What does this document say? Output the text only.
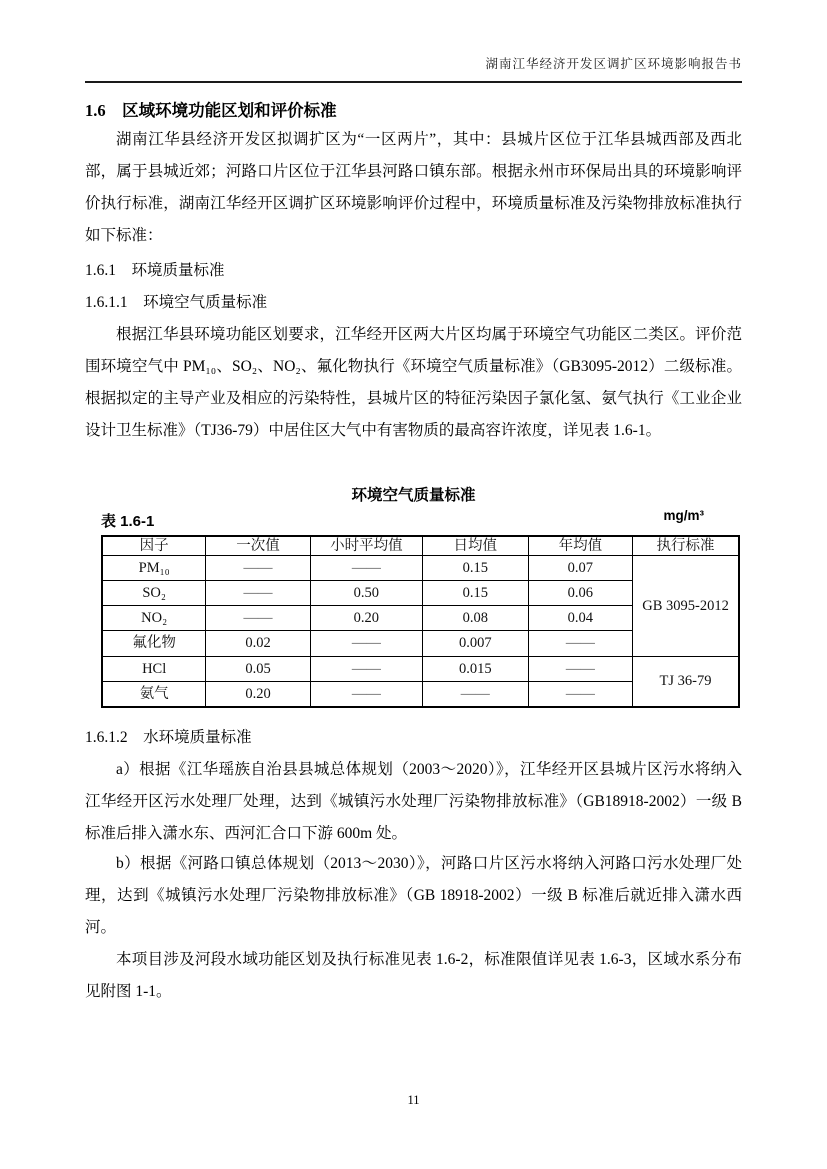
湖南江华经济开发区调扩区环境影响报告书
1.6　区域环境功能区划和评价标准
湖南江华县经济开发区拟调扩区为“一区两片”，其中：县城片区位于江华县城西部及西北部，属于县城近郊；河路口片区位于江华县河路口镇东部。根据永州市环保局出具的环境影响评价执行标准，湖南江华经开区调扩区环境影响评价过程中，环境质量标准及污染物排放标准执行如下标准：
1.6.1　环境质量标准
1.6.1.1　环境空气质量标准
根据江华县环境功能区划要求，江华经开区两大片区均属于环境空气功能区二类区。评价范围环境空气中 PM₁₀、SO₂、NO₂、氟化物执行《环境空气质量标准》（GB3095-2012）二级标准。根据拟定的主导产业及相应的污染特性，县城片区的特征污染因子氯化氢、氨气执行《工业企业设计卫生标准》（TJ36-79）中居住区大气中有害物质的最高容许浓度，详见表 1.6-1。
环境空气质量标准
表 1.6-1	mg/m³
因子	一次值	小时平均值	日均值	年均值	执行标准
PM₁₀	——	——	0.15	0.07	GB 3095-2012
SO₂	——	0.50	0.15	0.06	
NO₂	——	0.20	0.08	0.04	
氟化物	0.02	——	0.007	——	
HCl	0.05	——	0.015	——	TJ 36-79
氨气	0.20	——	——	——	
1.6.1.2　水环境质量标准
a）根据《江华瑶族自治县县城总体规划（2003～2020）》，江华经开区县城片区污水将纳入江华经开区污水处理厂处理，达到《城镇污水处理厂污染物排放标准》（GB18918-2002）一级 B 标准后排入潇水东、西河汇合口下游 600m 处。
b）根据《河路口镇总体规划（2013～2030）》，河路口片区污水将纳入河路口污水处理厂处理，达到《城镇污水处理厂污染物排放标准》（GB 18918-2002）一级 B 标准后就近排入潇水西河。
本项目涉及河段水域功能区划及执行标准见表 1.6-2，标准限值详见表 1.6-3，区域水系分布见附图 1-1。
11
